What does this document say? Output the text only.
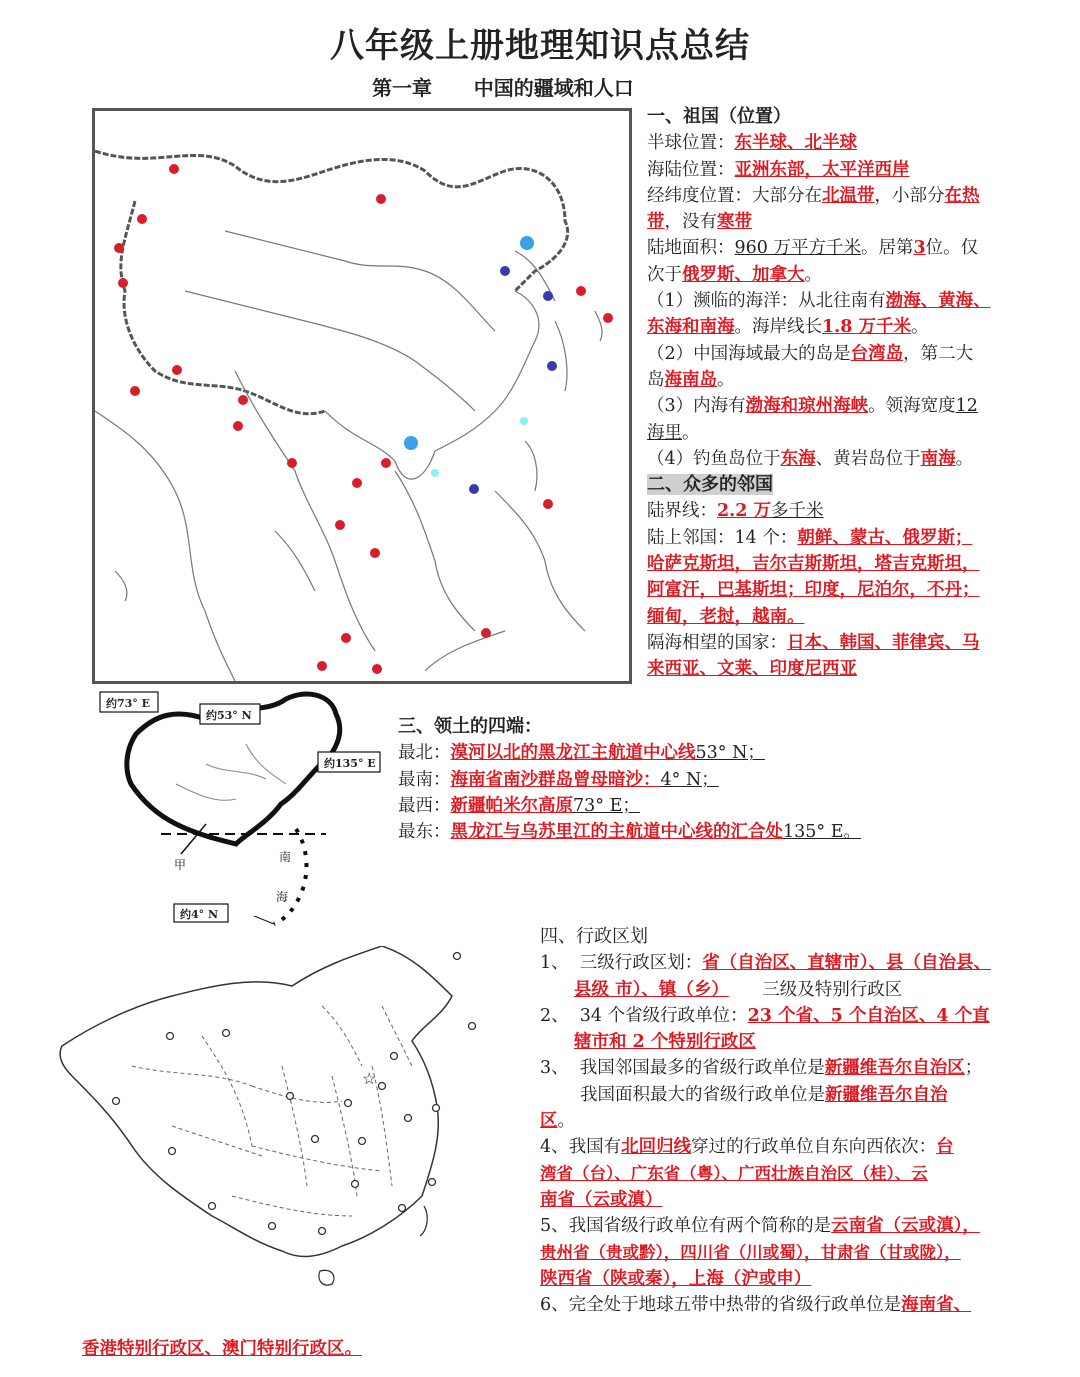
八年级上册地理知识点总结
第一章      中国的疆域和人口
一、祖国（位置）
半球位置：东半球、北半球
海陆位置：亚洲东部，太平洋西岸
经纬度位置：大部分在北温带，小部分在热
带，没有寒带
陆地面积：960 万平方千米。居第3位。仅
次于俄罗斯、加拿大。
（1）濒临的海洋：从北往南有渤海、黄海、
东海和南海。海岸线长1.8 万千米。
（2）中国海域最大的岛是台湾岛，第二大
岛海南岛。
（3）内海有渤海和琼州海峡。领海宽度12
海里。
（4）钓鱼岛位于东海、黄岩岛位于南海。
二、众多的邻国
陆界线：2.2 万多千米
陆上邻国：14 个：朝鲜、蒙古、俄罗斯；
哈萨克斯坦，吉尔吉斯斯坦，塔吉克斯坦，
阿富汗，巴基斯坦；印度，尼泊尔，不丹；
缅甸，老挝，越南。
隔海相望的国家：日本、韩国、菲律宾、马
来西亚、文莱、印度尼西亚
约73° E
约53° N
约135° E
约4° N
甲
南
海
三、领土的四端：
最北：漠河以北的黑龙江主航道中心线53° N；
最南：海南省南沙群岛曾母暗沙：4° N；
最西：新疆帕米尔高原73° E；
最东：黑龙江与乌苏里江的主航道中心线的汇合处135° E。
☆
四、行政区划
1、 三级行政区划：省（自治区、直辖市）、县（自治县、
县级 市）、镇（乡） 三级及特别行政区
2、 34 个省级行政单位：23 个省、5 个自治区、4 个直
辖市和 2 个特别行政区
3、 我国邻国最多的省级行政单位是新疆维吾尔自治区；
我国面积最大的省级行政单位是新疆维吾尔自治
区。
4、我国有北回归线穿过的行政单位自东向西依次：台
湾省（台）、广东省（粤）、广西壮族自治区（桂）、云
南省（云或滇）
5、我国省级行政单位有两个简称的是云南省（云或滇），
贵州省（贵或黔），四川省（川或蜀），甘肃省（甘或陇），
陕西省（陕或秦），上海（沪或申）
6、完全处于地球五带中热带的省级行政单位是海南省、
香港特别行政区、澳门特别行政区。
